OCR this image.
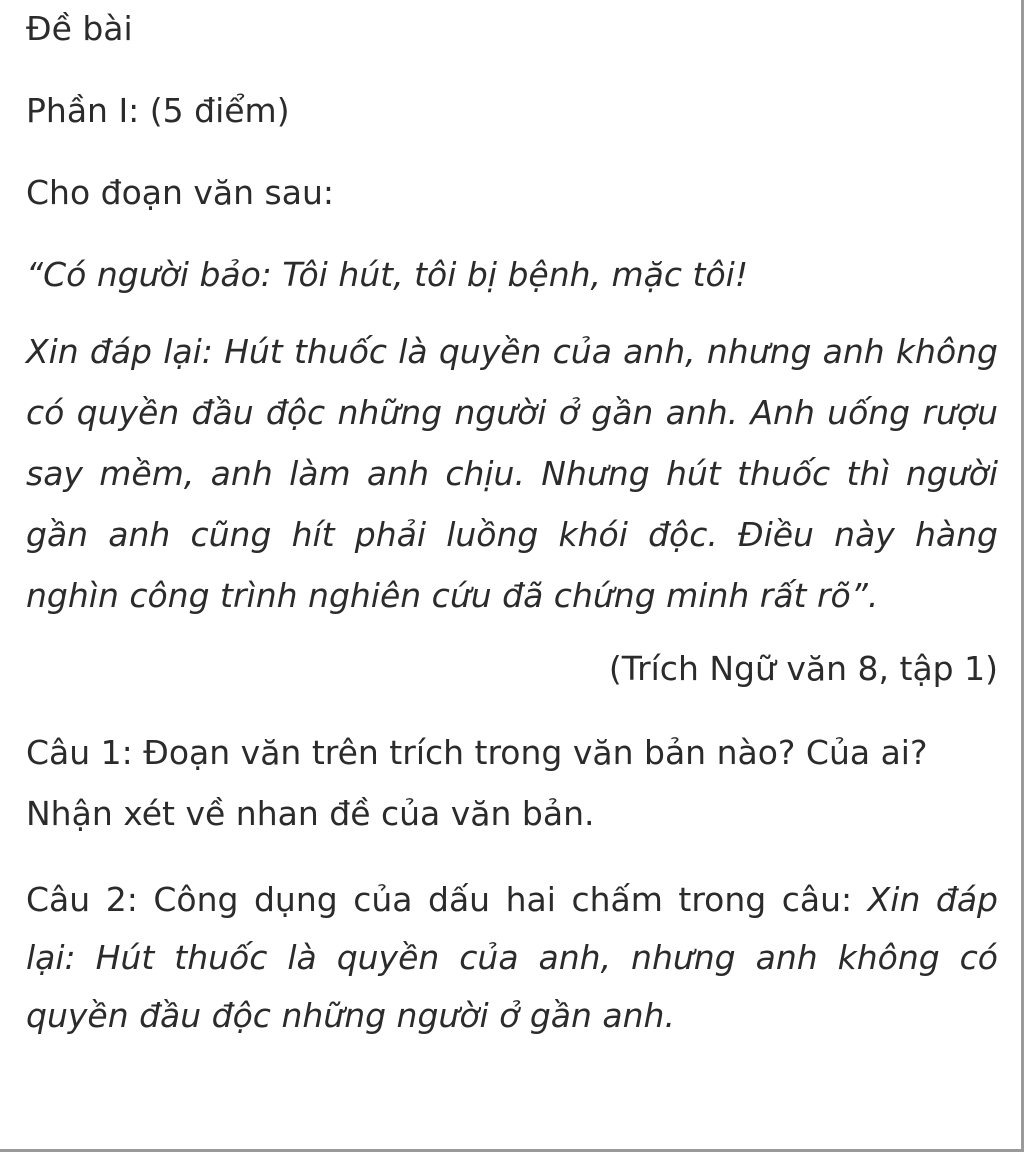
Đề bài

Phần I: (5 điểm)

Cho đoạn văn sau:

“Có người bảo: Tôi hút, tôi bị bệnh, mặc tôi!

Xin đáp lại: Hút thuốc là quyền của anh, nhưng anh không có quyền đầu độc những người ở gần anh. Anh uống rượu say mềm, anh làm anh chịu. Nhưng hút thuốc thì người gần anh cũng hít phải luồng khói độc. Điều này hàng nghìn công trình nghiên cứu đã chứng minh rất rõ”.

(Trích Ngữ văn 8, tập 1)

Câu 1: Đoạn văn trên trích trong văn bản nào? Của ai? Nhận xét về nhan đề của văn bản.

Câu 2: Công dụng của dấu hai chấm trong câu: Xin đáp lại: Hút thuốc là quyền của anh, nhưng anh không có quyền đầu độc những người ở gần anh.
